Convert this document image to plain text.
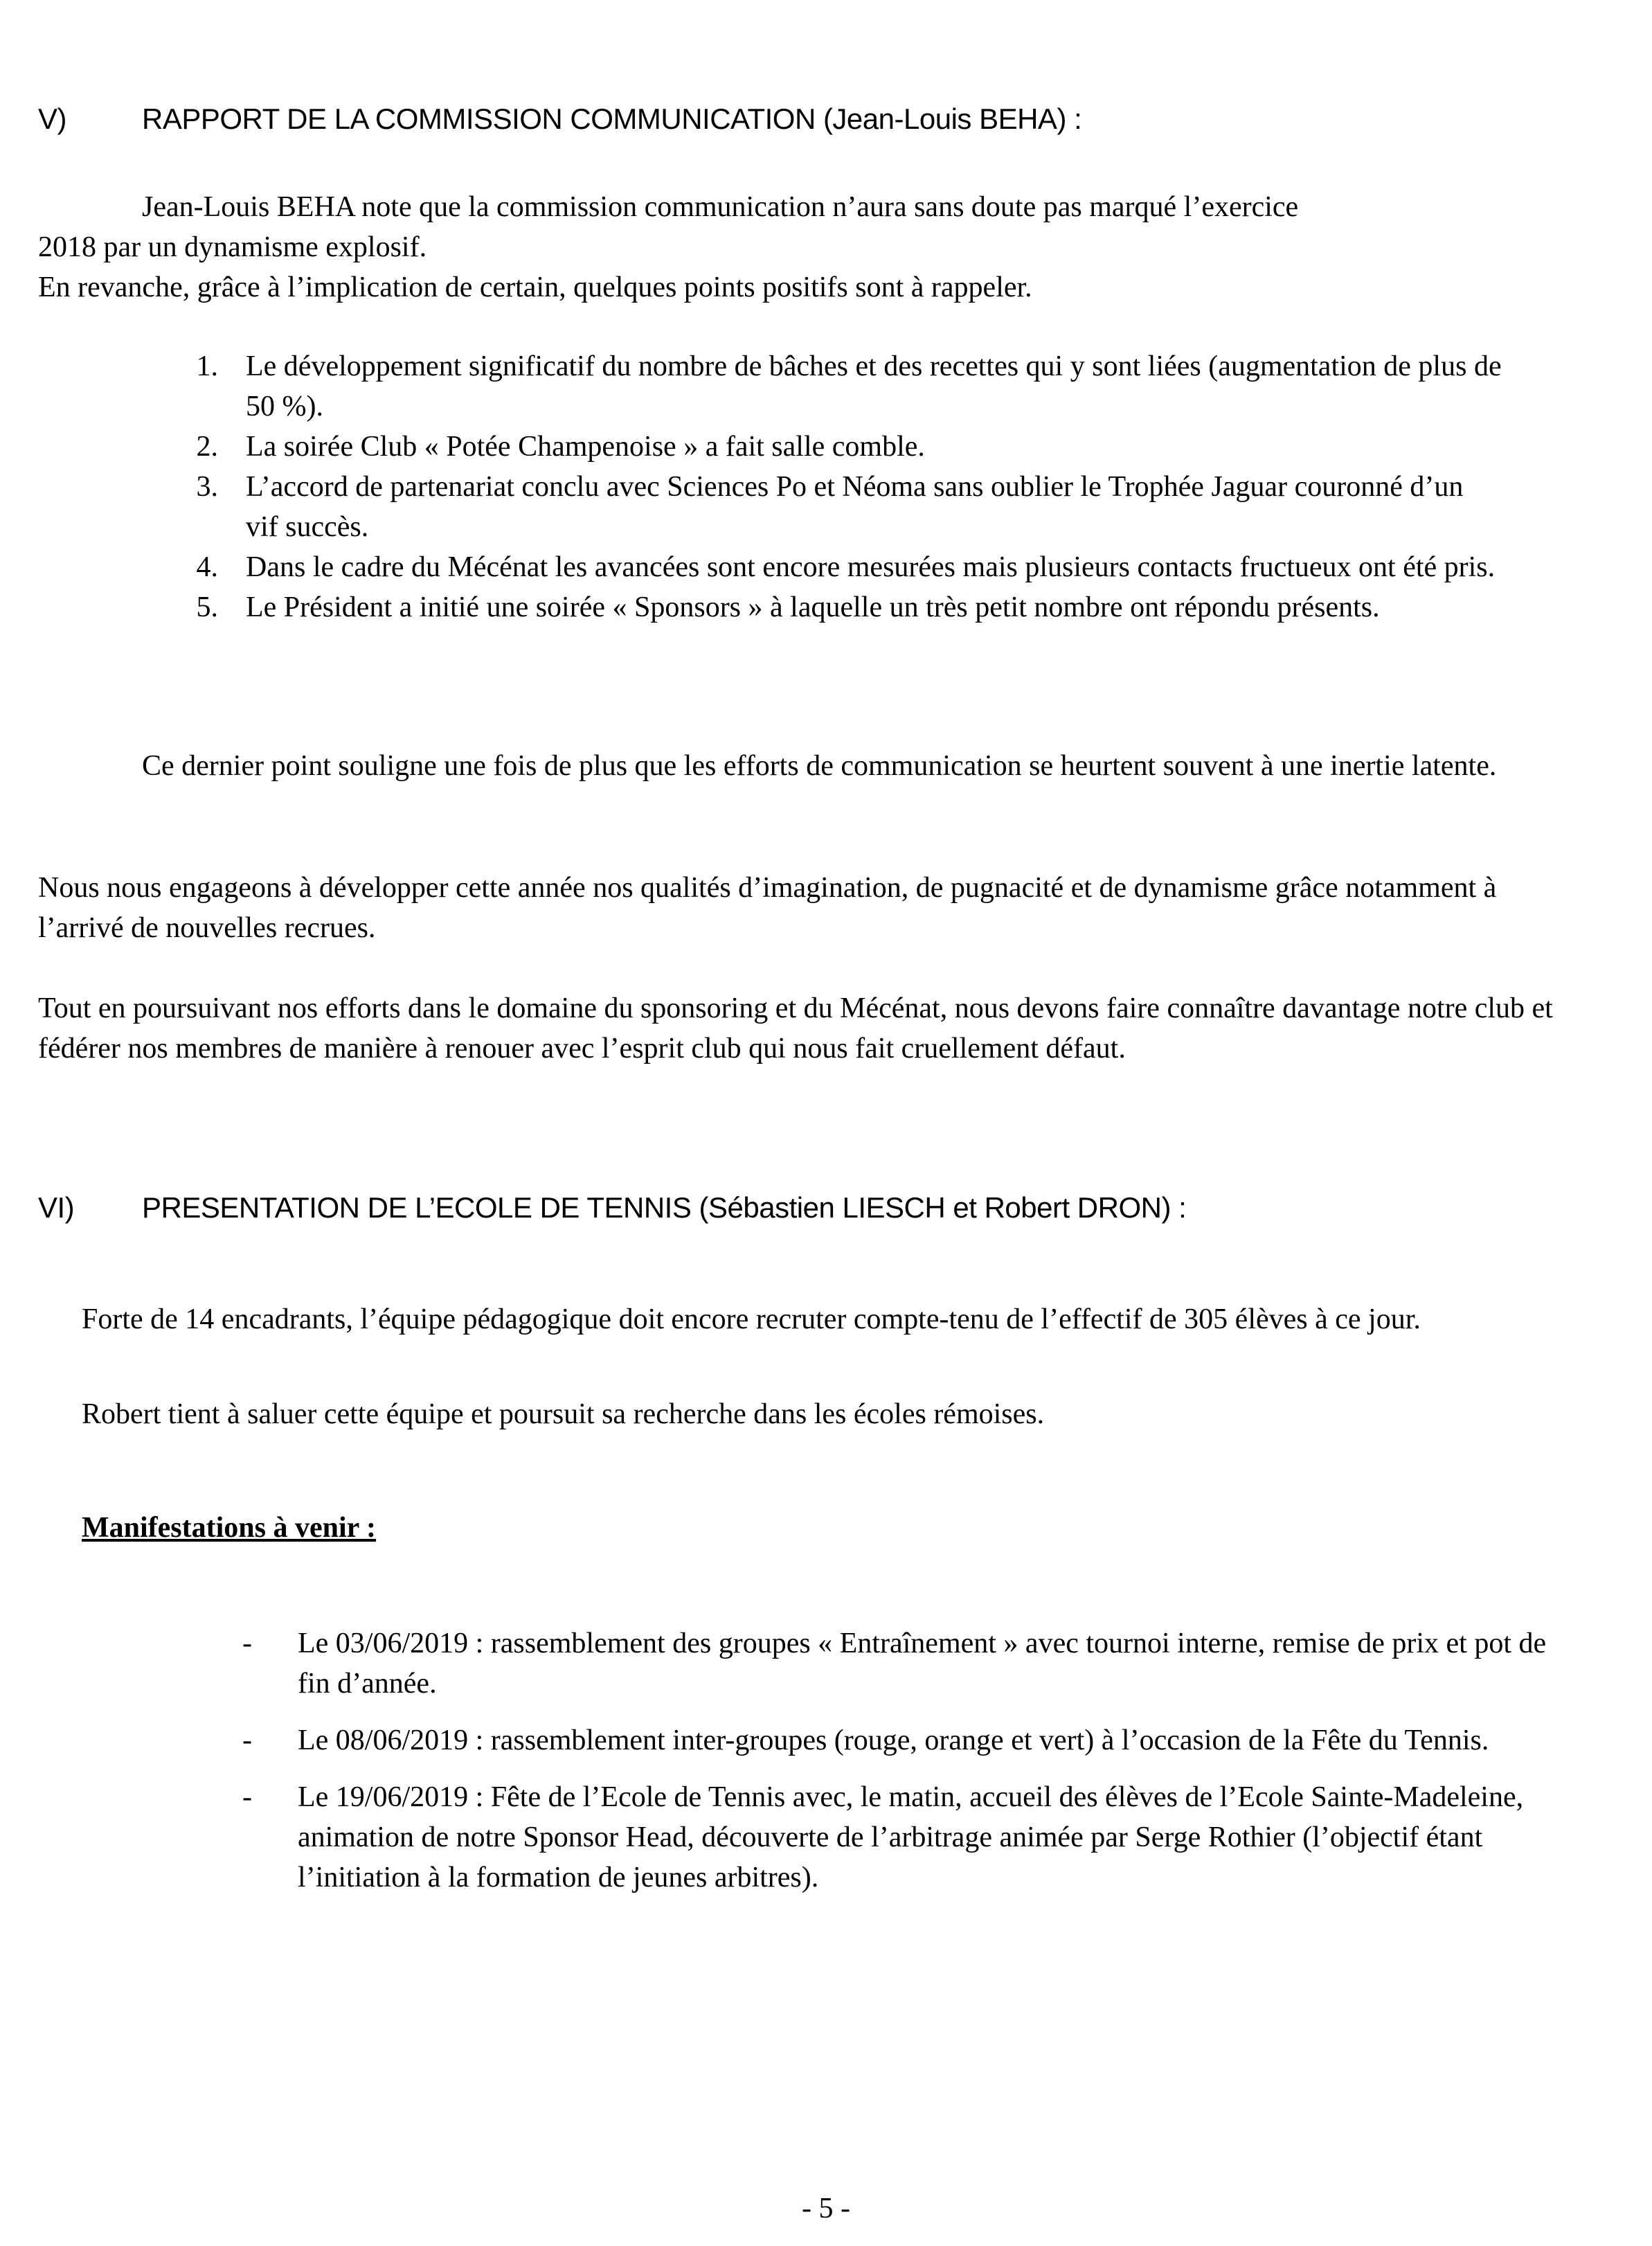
V)	RAPPORT DE LA COMMISSION COMMUNICATION (Jean-Louis BEHA) :

Jean-Louis BEHA note que la commission communication n’aura sans doute pas marqué l’exercice
2018 par un dynamisme explosif.

En revanche, grâce à l’implication de certain, quelques points positifs sont à rappeler.

1. Le développement significatif du nombre de bâches et des recettes qui y sont liées (augmentation de plus de 50 %).
2. La soirée Club « Potée Champenoise » a fait salle comble.
3. L’accord de partenariat conclu avec Sciences Po et Néoma sans oublier le Trophée Jaguar couronné d’un vif succès.
4. Dans le cadre du Mécénat les avancées sont encore mesurées mais plusieurs contacts fructueux ont été pris.
5. Le Président a initié une soirée « Sponsors » à laquelle un très petit nombre ont répondu présents.

Ce dernier point souligne une fois de plus que les efforts de communication se heurtent souvent à une inertie latente.

Nous nous engageons à développer cette année nos qualités d’imagination, de pugnacité et de dynamisme grâce notamment à l’arrivé de nouvelles recrues.

Tout en poursuivant nos efforts dans le domaine du sponsoring et du Mécénat, nous devons faire connaître davantage notre club et fédérer nos membres de manière à renouer avec l’esprit club qui nous fait cruellement défaut.

VI) PRESENTATION DE L’ECOLE DE TENNIS (Sébastien LIESCH et Robert DRON) :

Forte de 14 encadrants, l’équipe pédagogique doit encore recruter compte-tenu de l’effectif de 305 élèves à ce jour.

Robert tient à saluer cette équipe et poursuit sa recherche dans les écoles rémoises.

Manifestations à venir :
- Le 03/06/2019 : rassemblement des groupes « Entraînement » avec tournoi interne, remise de prix et pot de fin d’année.
- Le 08/06/2019 : rassemblement inter-groupes (rouge, orange et vert) à l’occasion de la Fête du Tennis.
- Le 19/06/2019 : Fête de l’Ecole de Tennis avec, le matin, accueil des élèves de l’Ecole Sainte-Madeleine, animation de notre Sponsor Head, découverte de l’arbitrage animée par Serge Rothier (l’objectif étant l’initiation à la formation de jeunes arbitres).
- 5 -
